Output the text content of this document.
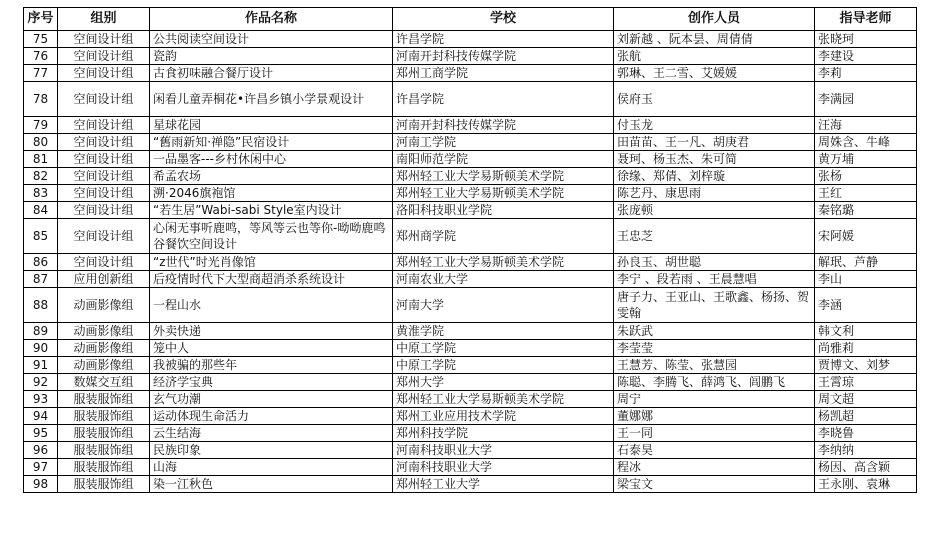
序号	组别	作品名称	学校	创作人员	指导老师
75	空间设计组	公共阅读空间设计	许昌学院	刘新越 、阮本昙、周倩倩	张晓珂
76	空间设计组	瓷韵	河南开封科技传媒学院	张航	李建设
77	空间设计组	古食初味融合餐厅设计	郑州工商学院	郭琳、王二雪、艾媛媛	李莉
78	空间设计组	闲看儿童弄桐花•许昌乡镇小学景观设计	许昌学院	侯府玉	李满园
79	空间设计组	星球花园	河南开封科技传媒学院	付玉龙	汪海
80	空间设计组	“舊雨新知·禅隐”民宿设计	河南工学院	田苗苗、王一凡、胡庚君	周姝含、牛峰
81	空间设计组	一品墨客---乡村休闲中心	南阳师范学院	聂珂、杨玉杰、朱可简	黄万埔
82	空间设计组	希孟农场	郑州轻工业大学易斯顿美术学院	徐缘、郑倩、刘梓璇	张杨
83	空间设计组	溯·2046旗袍馆	郑州轻工业大学易斯顿美术学院	陈艺丹、康思雨	王红
84	空间设计组	“若生居”Wabi-sabi Style室内设计	洛阳科技职业学院	张庞顿	秦铭璐
85	空间设计组	心闲无事听鹿鸣，等风等云也等你-呦呦鹿鸣谷餐饮空间设计	郑州商学院	王忠芝	宋阿媛
86	空间设计组	“z世代”时光肖像馆	郑州轻工业大学易斯顿美术学院	孙良玉、胡世聪	解珉、芦静
87	应用创新组	后疫情时代下大型商超消杀系统设计	河南农业大学	李宁 、段若雨 、王晨慧唱	李山
88	动画影像组	一程山水	河南大学	唐子力、王亚山、王歌鑫、杨扬、贺雯翰	李涵
89	动画影像组	外卖快递	黄淮学院	朱跃武	韩文利
90	动画影像组	笼中人	中原工学院	李莹莹	尚雅莉
91	动画影像组	我被骗的那些年	中原工学院	王慧芳、陈莹、张慧园	贾博文、刘梦
92	数媒交互组	经济学宝典	郑州大学	陈聪、李腾飞、薛鸿飞、闾鹏飞	王霄琼
93	服装服饰组	玄气功潮	郑州轻工业大学易斯顿美术学院	周宁	周文超
94	服装服饰组	运动体现生命活力	郑州工业应用技术学院	董娜娜	杨凯超
95	服装服饰组	云生结海	郑州科技学院	王一同	李晓鲁
96	服装服饰组	民族印象	河南科技职业大学	石泰昊	李纳纳
97	服装服饰组	山海	河南科技职业大学	程冰	杨因、高含颖
98	服装服饰组	染一江秋色	郑州轻工业大学	梁宝文	王永刚、袁琳
